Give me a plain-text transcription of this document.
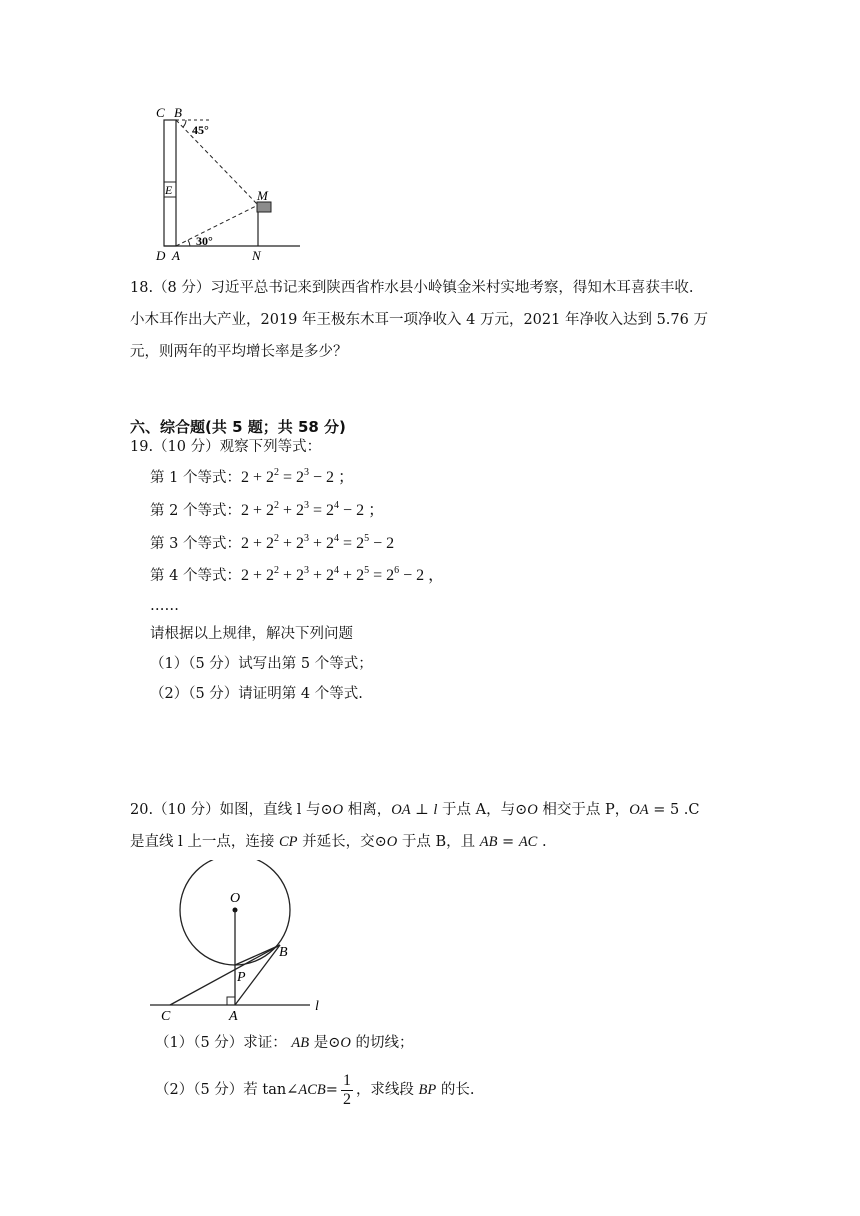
C B
45°
E	M
D A
30°
N
18.（8 分）习近平总书记来到陕西省柞水县小岭镇金米村实地考察，得知木耳喜获丰收.
小木耳作出大产业，2019 年王极东木耳一项净收入 4 万元，2021 年净收入达到 5.76 万
元，则两年的平均增长率是多少？
六、综合题(共 5 题；共 58 分)
19.（10 分）观察下列等式：
第 1 个等式：$2 + 2^2 = 2^3 - 2$ ；
第 2 个等式：$2 + 2^2 + 2^3 = 2^4 - 2$ ；
第 3 个等式：$2 + 2^2 + 2^3 + 2^4 = 2^5 - 2$
第 4 个等式：$2 + 2^2 + 2^3 + 2^4 + 2^5 = 2^6 - 2$ ，
……
请根据以上规律，解决下列问题
（1）（5 分）试写出第 5 个等式；
（2）（5 分）请证明第 4 个等式.
20.（10 分）如图，直线 l 与⊙O 相离，OA ⊥ l 于点 A，与⊙O 相交于点 P，OA = 5 .C
是直线 l 上一点，连接 CP 并延长，交⊙O 于点 B，且 AB = AC .
O
B
P
C	A
l
（1）（5 分）求证： AB 是⊙O 的切线；
（2）（5 分）若 tan∠ACB= $\frac{1}{2}$ ，求线段 BP 的长.
